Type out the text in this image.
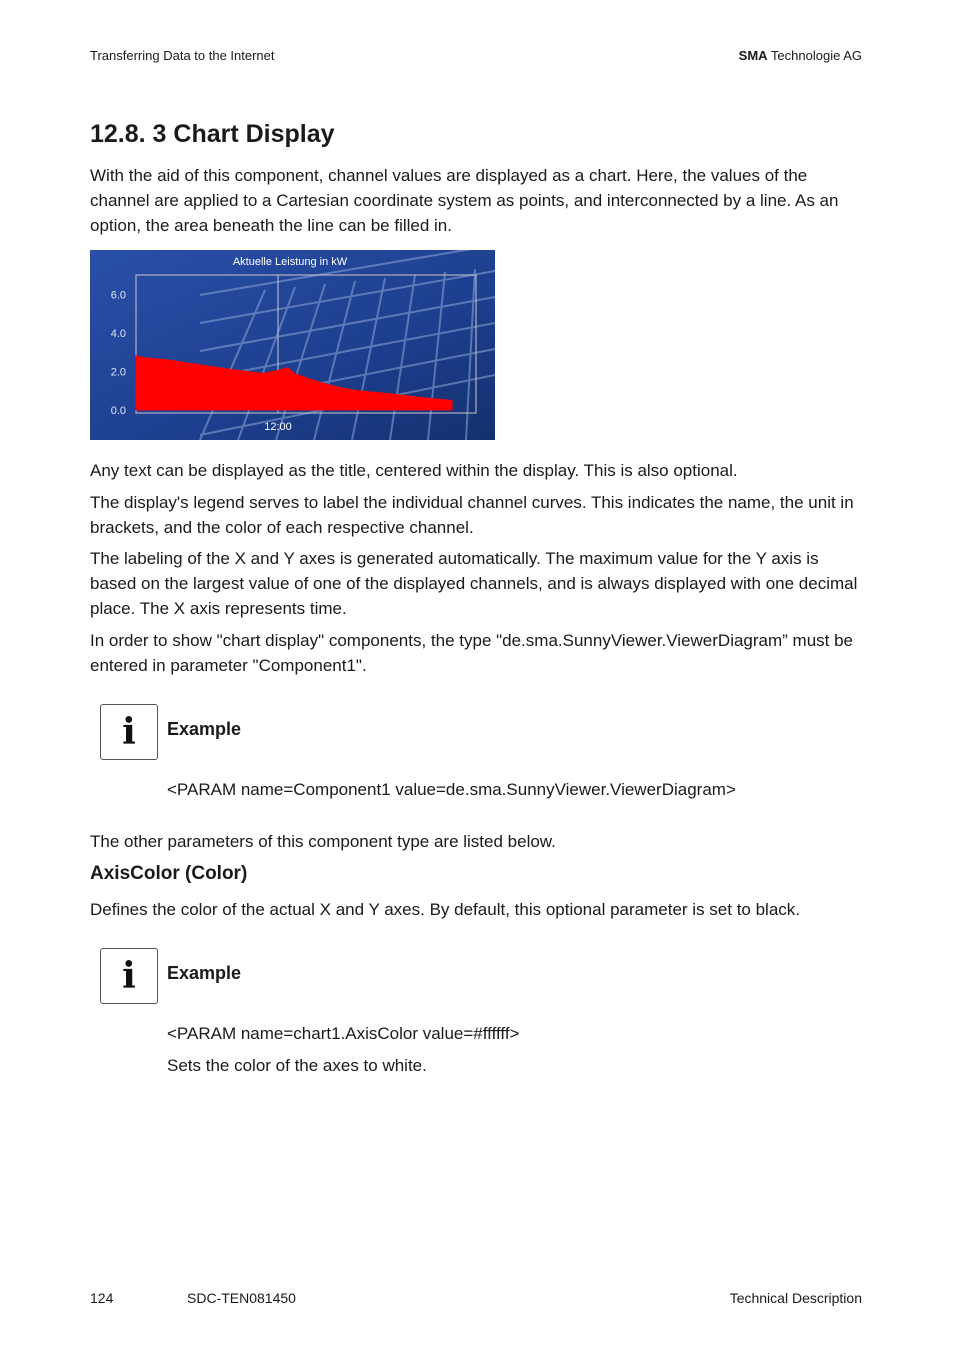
Transferring Data to the Internet	SMA Technologie AG
12.8. 3 Chart Display

With the aid of this component, channel values are displayed as a chart. Here, the values of the channel are applied to a Cartesian coordinate system as points, and interconnected by a line. As an option, the area beneath the line can be filled in.

Aktuelle Leistung in kW
0.0
2.0
4.0
6.0
12:00

Any text can be displayed as the title, centered within the display. This is also optional.

The display's legend serves to label the individual channel curves. This indicates the name, the unit in brackets, and the color of each respective channel.

The labeling of the X and Y axes is generated automatically. The maximum value for the Y axis is based on the largest value of one of the displayed channels, and is always displayed with one decimal place. The X axis represents time.

In order to show "chart display" components, the type "de.sma.SunnyViewer.ViewerDiagram” must be entered in parameter "Component1".

i Example
<PARAM name=Component1 value=de.sma.SunnyViewer.ViewerDiagram>

The other parameters of this component type are listed below.

AxisColor (Color)

Defines the color of the actual X and Y axes. By default, this optional parameter is set to black.

i Example
<PARAM name=chart1.AxisColor value=#ffffff>
Sets the color of the axes to white.
124	SDC-TEN081450	Technical Description
